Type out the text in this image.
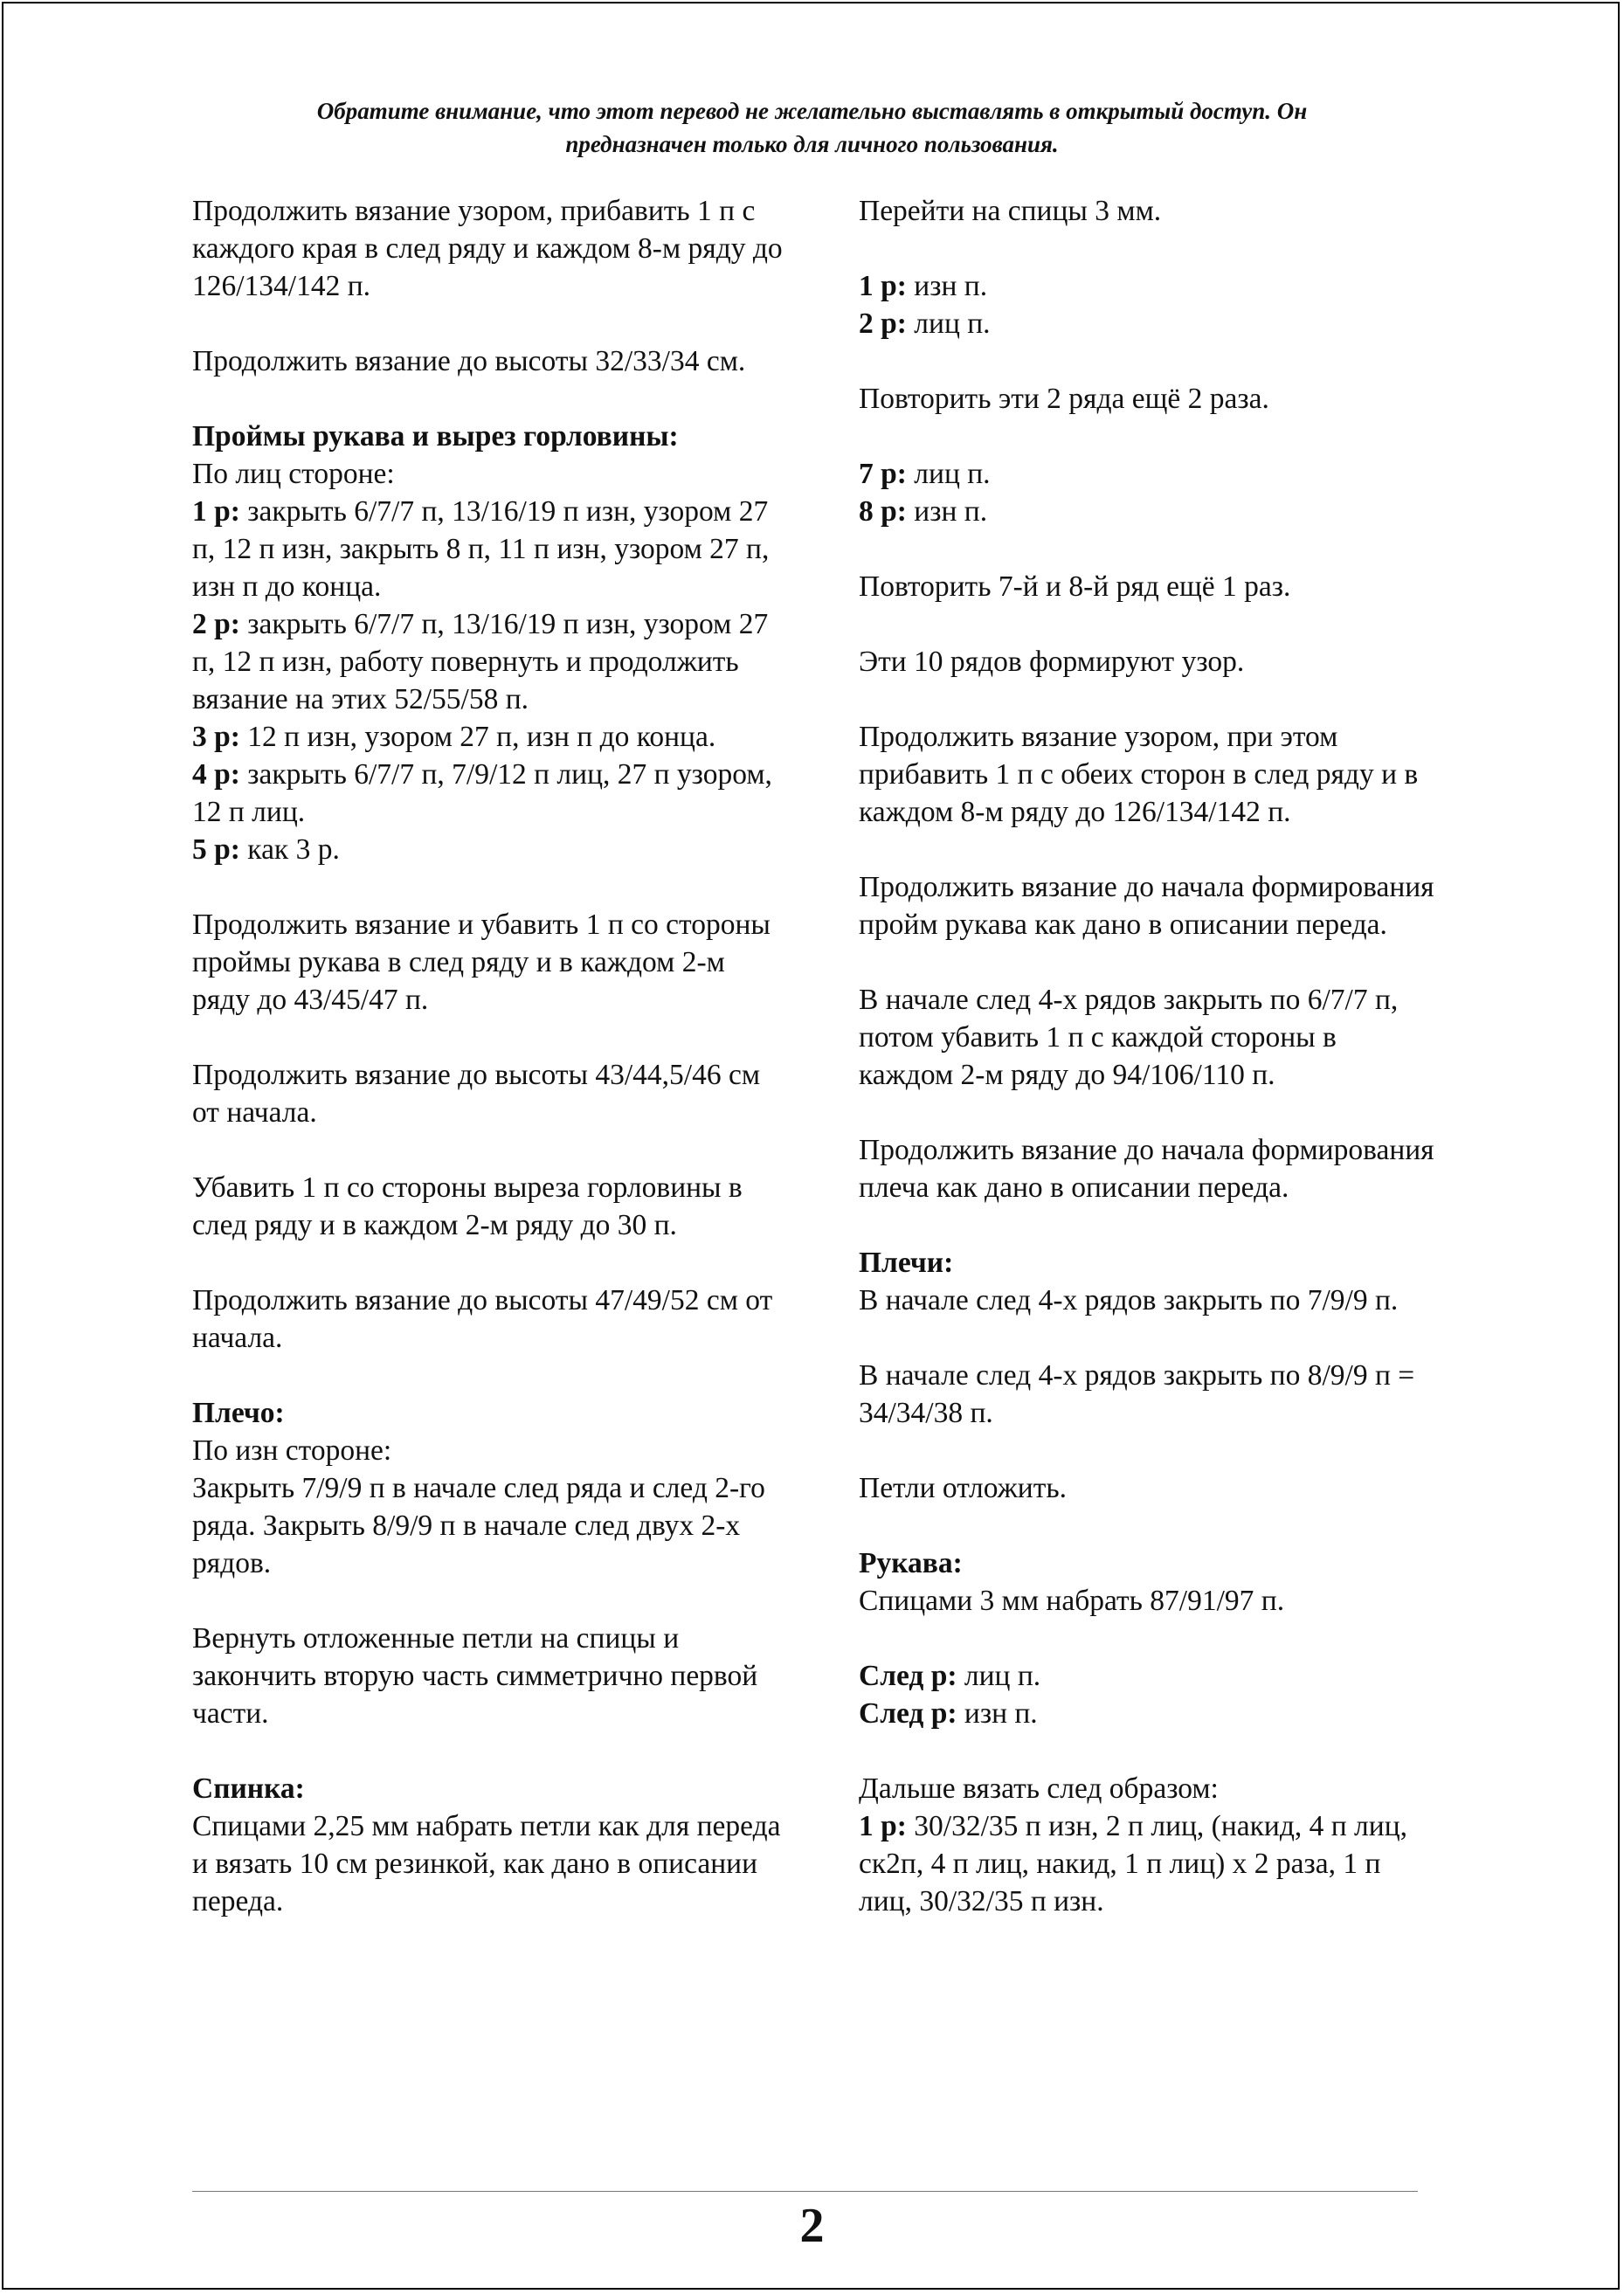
Обратите внимание, что этот перевод не желательно выставлять в открытый доступ. Он
предназначен только для личного пользования.

Продолжить вязание узором, прибавить 1 п с каждого края в след ряду и каждом 8-м ряду до 126/134/142 п.

Продолжить вязание до высоты 32/33/34 см.

Проймы рукава и вырез горловины:
По лиц стороне:
1 р: закрыть 6/7/7 п, 13/16/19 п изн, узором 27 п, 12 п изн, закрыть 8 п, 11 п изн, узором 27 п, изн п до конца.
2 р: закрыть 6/7/7 п, 13/16/19 п изн, узором 27 п, 12 п изн, работу повернуть и продолжить вязание на этих 52/55/58 п.
3 р: 12 п изн, узором 27 п, изн п до конца.
4 р: закрыть 6/7/7 п, 7/9/12 п лиц, 27 п узором, 12 п лиц.
5 р: как 3 р.

Продолжить вязание и убавить 1 п со стороны проймы рукава в след ряду и в каждом 2-м ряду до 43/45/47 п.

Продолжить вязание до высоты 43/44,5/46 см от начала.

Убавить 1 п со стороны выреза горловины в след ряду и в каждом 2-м ряду до 30 п.

Продолжить вязание до высоты 47/49/52 см от начала.

Плечо:
По изн стороне:
Закрыть 7/9/9 п в начале след ряда и след 2-го ряда. Закрыть 8/9/9 п в начале след двух 2-х рядов.

Вернуть отложенные петли на спицы и закончить вторую часть симметрично первой части.

Спинка:
Спицами 2,25 мм набрать петли как для переда и вязать 10 см резинкой, как дано в описании переда.

Перейти на спицы 3 мм.

1 р: изн п.
2 р: лиц п.

Повторить эти 2 ряда ещё 2 раза.

7 р: лиц п.
8 р: изн п.

Повторить 7-й и 8-й ряд ещё 1 раз.

Эти 10 рядов формируют узор.

Продолжить вязание узором, при этом прибавить 1 п с обеих сторон в след ряду и в каждом 8-м ряду до 126/134/142 п.

Продолжить вязание до начала формирования пройм рукава как дано в описании переда.

В начале след 4-х рядов закрыть по 6/7/7 п, потом убавить 1 п с каждой стороны в каждом 2-м ряду до 94/106/110 п.

Продолжить вязание до начала формирования плеча как дано в описании переда.

Плечи:
В начале след 4-х рядов закрыть по 7/9/9 п.

В начале след 4-х рядов закрыть по 8/9/9 п = 34/34/38 п.

Петли отложить.

Рукава:
Спицами 3 мм набрать 87/91/97 п.
След р: лиц п.
След р: изн п.
Дальше вязать след образом:
1 р: 30/32/35 п изн, 2 п лиц, (накид, 4 п лиц, ск2п, 4 п лиц, накид, 1 п лиц) х 2 раза, 1 п лиц, 30/32/35 п изн.
2
